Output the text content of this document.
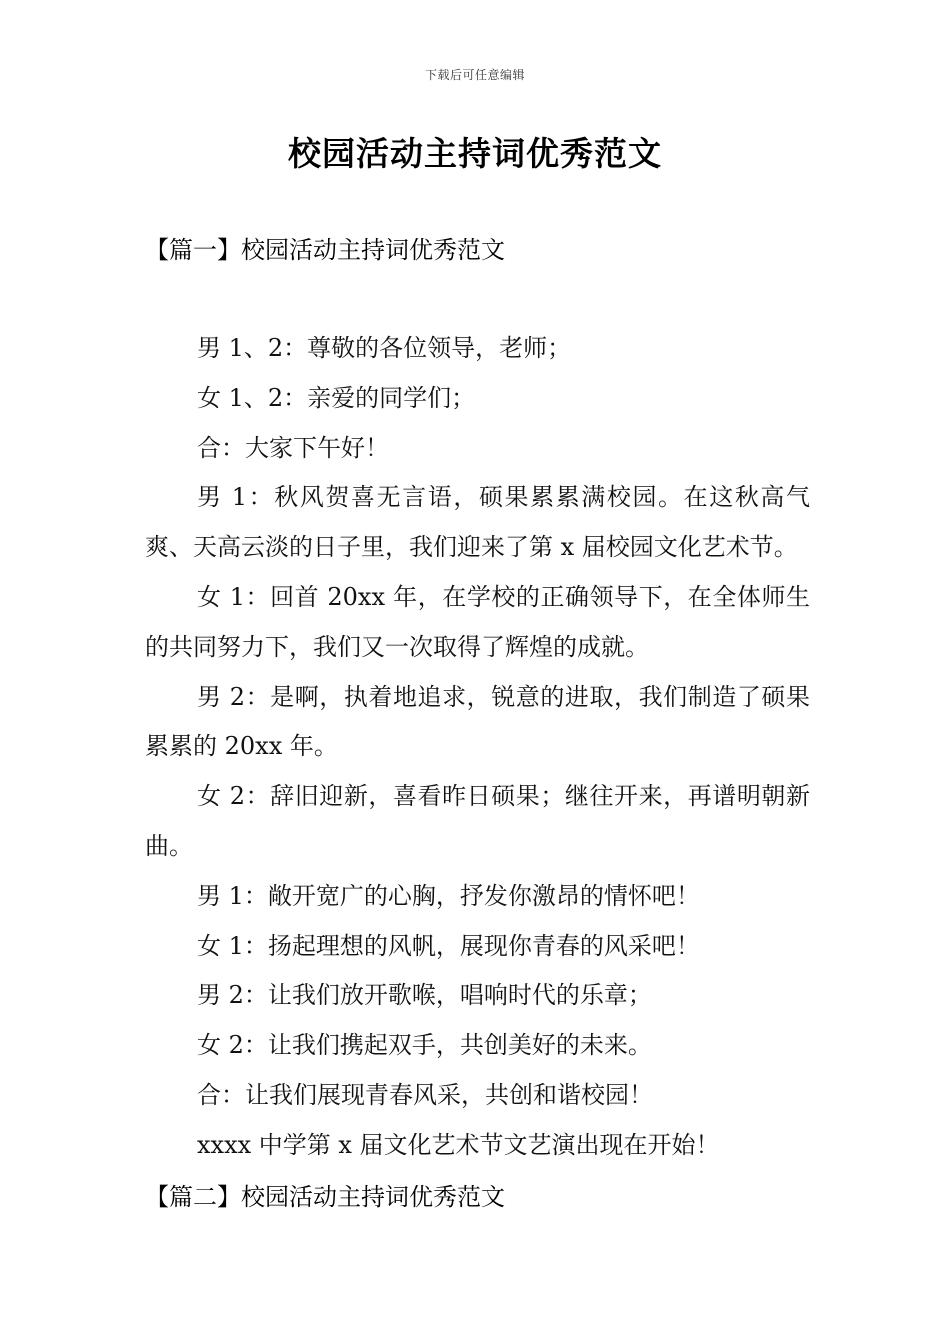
下载后可任意编辑
校园活动主持词优秀范文
【篇一】校园活动主持词优秀范文

男 1、2：尊敬的各位领导，老师；

女 1、2：亲爱的同学们；

合：大家下午好！

男 1：秋风贺喜无言语，硕果累累满校园。在这秋高气爽、天高云淡的日子里，我们迎来了第 x 届校园文化艺术节。

女 1：回首 20xx 年，在学校的正确领导下，在全体师生的共同努力下，我们又一次取得了辉煌的成就。

男 2：是啊，执着地追求，锐意的进取，我们制造了硕果累累的 20xx 年。

女 2：辞旧迎新，喜看昨日硕果；继往开来，再谱明朝新曲。

男 1：敞开宽广的心胸，抒发你激昂的情怀吧！

女 1：扬起理想的风帆，展现你青春的风采吧！

男 2：让我们放开歌喉，唱响时代的乐章；

女 2：让我们携起双手，共创美好的未来。

合：让我们展现青春风采，共创和谐校园！

xxxx 中学第 x 届文化艺术节文艺演出现在开始！

【篇二】校园活动主持词优秀范文
